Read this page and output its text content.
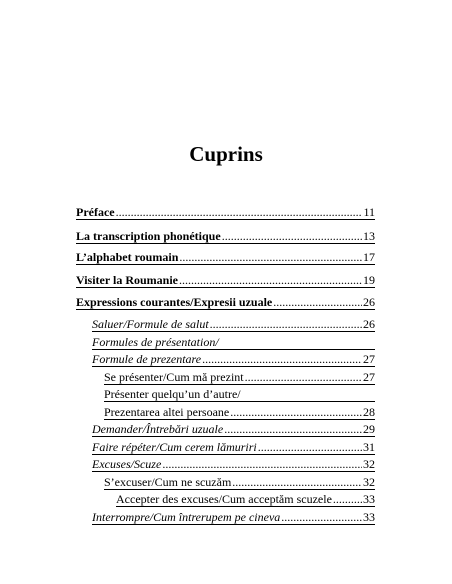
Cuprins
Préface .....	11
La transcription phonétique .....	13
L’alphabet roumain .....	17
Visiter la Roumanie .....	19
Expressions courantes/Expresii uzuale .....	26
Saluer/Formule de salut .....	26
Formules de présentation/
Formule de prezentare .....	27
Se présenter/Cum mă prezint .....	27
Présenter quelqu’un d’autre/
Prezentarea altei persoane .....	28
Demander/Întrebări uzuale .....	29
Faire répéter/Cum cerem lămuriri .....	31
Excuses/Scuze .....	32
S’excuser/Cum ne scuzăm .....	32
Accepter des excuses/Cum acceptăm scuzele .....	33
Interrompre/Cum întrerupem pe cineva .....	33
